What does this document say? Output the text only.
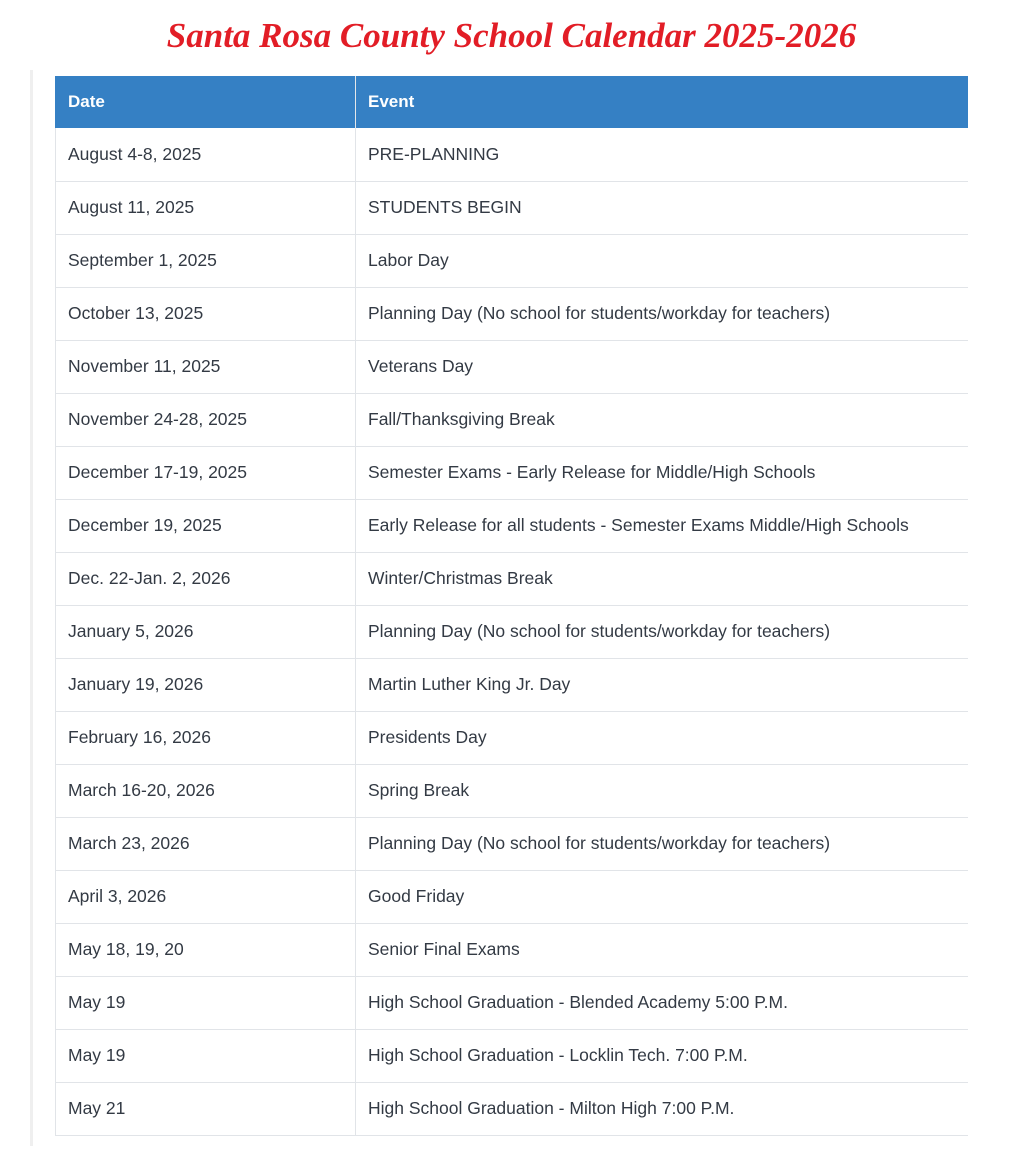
Santa Rosa County School Calendar 2025-2026
Date	Event
August 4-8, 2025	PRE-PLANNING
August 11, 2025	STUDENTS BEGIN
September 1, 2025	Labor Day
October 13, 2025	Planning Day (No school for students/workday for teachers)
November 11, 2025	Veterans Day
November 24-28, 2025	Fall/Thanksgiving Break
December 17-19, 2025	Semester Exams - Early Release for Middle/High Schools
December 19, 2025	Early Release for all students - Semester Exams Middle/High Schools
Dec. 22-Jan. 2, 2026	Winter/Christmas Break
January 5, 2026	Planning Day (No school for students/workday for teachers)
January 19, 2026	Martin Luther King Jr. Day
February 16, 2026	Presidents Day
March 16-20, 2026	Spring Break
March 23, 2026	Planning Day (No school for students/workday for teachers)
April 3, 2026	Good Friday
May 18, 19, 20	Senior Final Exams
May 19	High School Graduation - Blended Academy 5:00 P.M.
May 19	High School Graduation - Locklin Tech. 7:00 P.M.
May 21	High School Graduation - Milton High 7:00 P.M.
